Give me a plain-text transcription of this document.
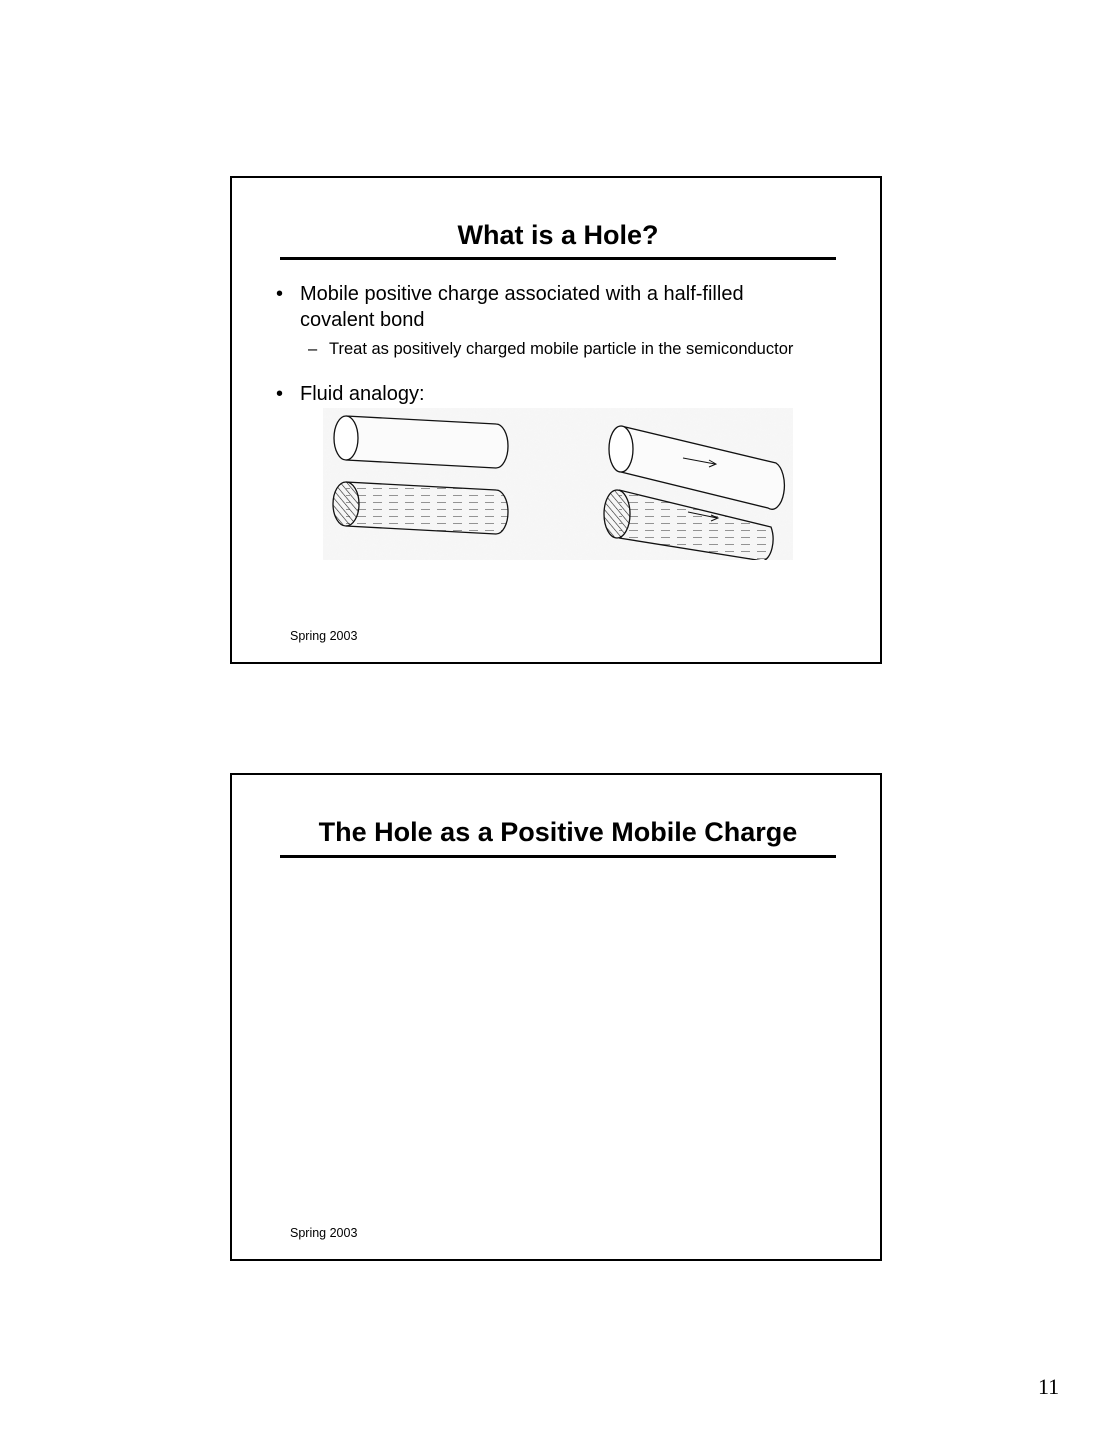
What is a Hole?
• Mobile positive charge associated with a half-filled covalent bond
– Treat as positively charged mobile particle in the semiconductor
• Fluid analogy:
Spring 2003
The Hole as a Positive Mobile Charge
Spring 2003
11
